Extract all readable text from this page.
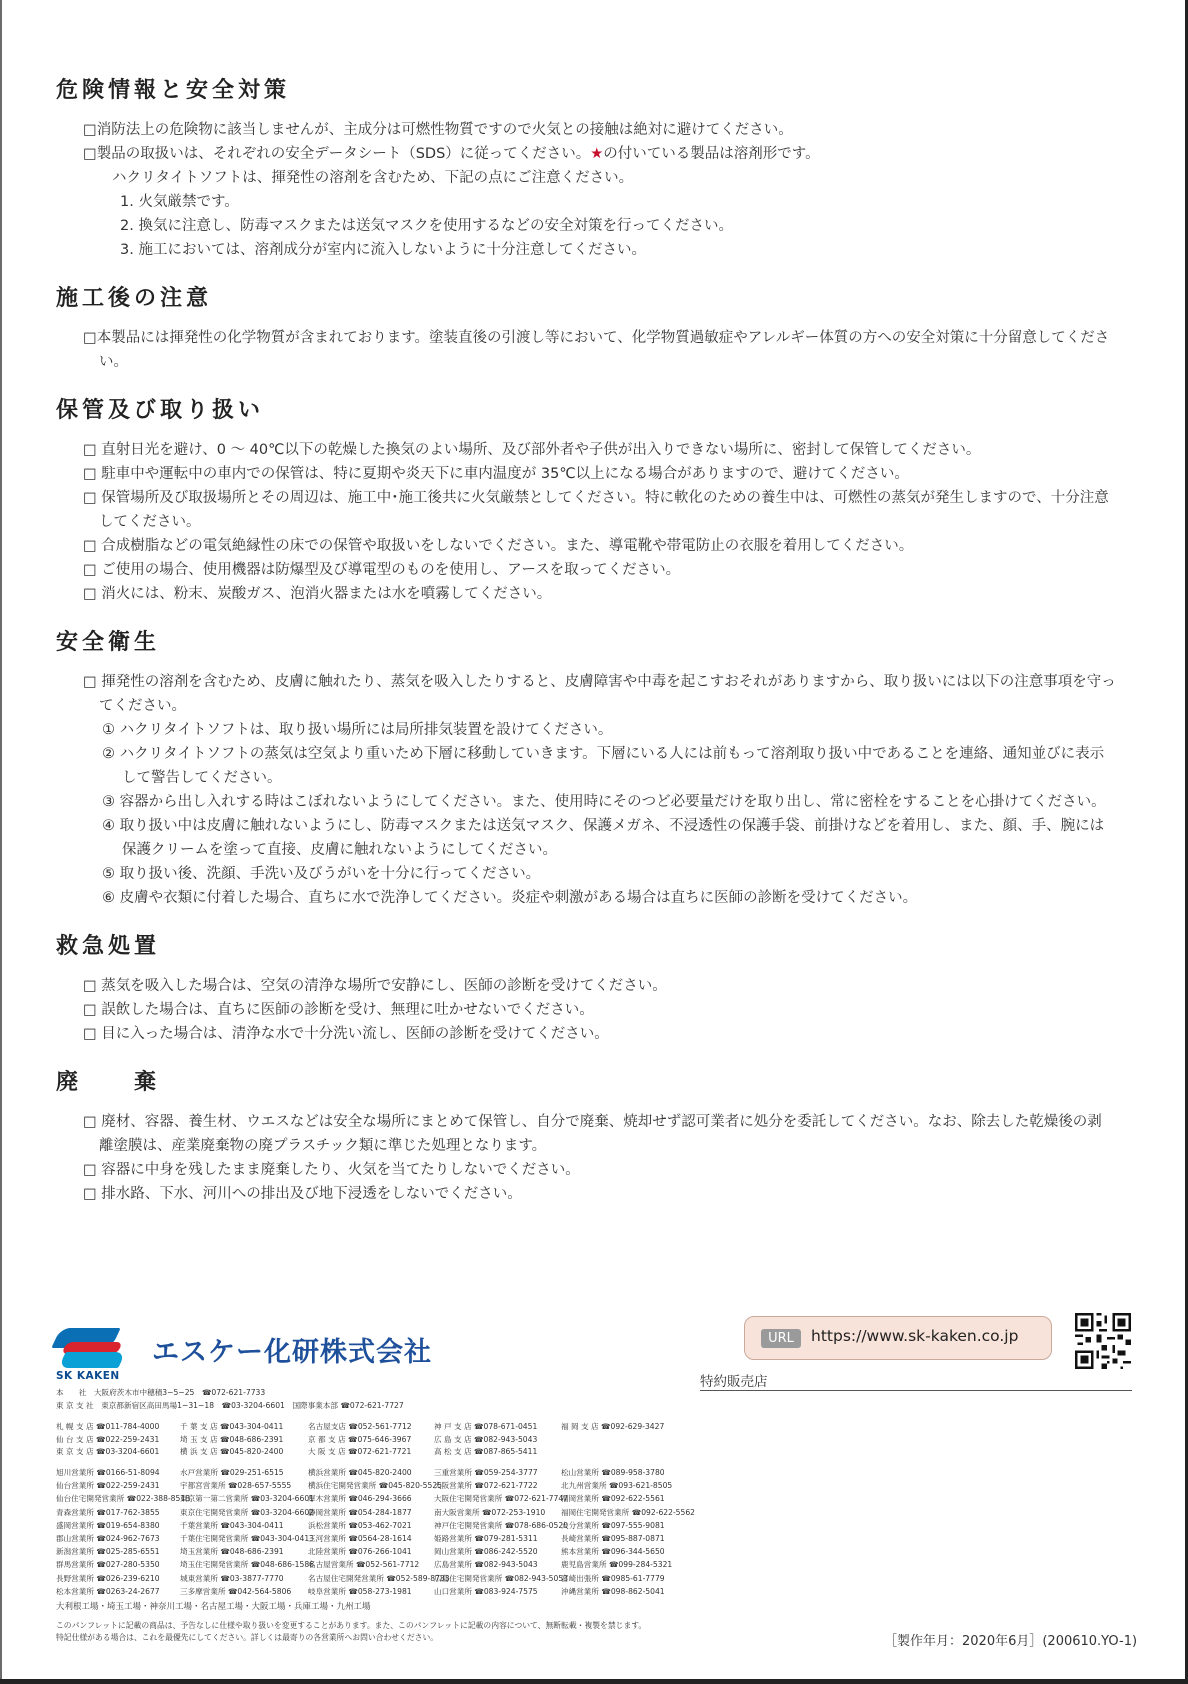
危険情報と安全対策
□消防法上の危険物に該当しませんが、主成分は可燃性物質ですので火気との接触は絶対に避けてください。
□製品の取扱いは、それぞれの安全データシート（SDS）に従ってください。★の付いている製品は溶剤形です。
ハクリタイトソフトは、揮発性の溶剤を含むため、下記の点にご注意ください。
1. 火気厳禁です。
2. 換気に注意し、防毒マスクまたは送気マスクを使用するなどの安全対策を行ってください。
3. 施工においては、溶剤成分が室内に流入しないように十分注意してください。
施工後の注意
□本製品には揮発性の化学物質が含まれております。塗装直後の引渡し等において、化学物質過敏症やアレルギー体質の方への安全対策に十分留意してください。
保管及び取り扱い
□ 直射日光を避け、0 〜 40℃以下の乾燥した換気のよい場所、及び部外者や子供が出入りできない場所に、密封して保管してください。
□ 駐車中や運転中の車内での保管は、特に夏期や炎天下に車内温度が 35℃以上になる場合がありますので、避けてください。
□ 保管場所及び取扱場所とその周辺は、施工中･施工後共に火気厳禁としてください。特に軟化のための養生中は、可燃性の蒸気が発生しますので、十分注意してください。
□ 合成樹脂などの電気絶縁性の床での保管や取扱いをしないでください。また、導電靴や帯電防止の衣服を着用してください。
□ ご使用の場合、使用機器は防爆型及び導電型のものを使用し、アースを取ってください。
□ 消火には、粉末、炭酸ガス、泡消火器または水を噴霧してください。
安全衛生
□ 揮発性の溶剤を含むため、皮膚に触れたり、蒸気を吸入したりすると、皮膚障害や中毒を起こすおそれがありますから、取り扱いには以下の注意事項を守ってください。
① ハクリタイトソフトは、取り扱い場所には局所排気装置を設けてください。
② ハクリタイトソフトの蒸気は空気より重いため下層に移動していきます。下層にいる人には前もって溶剤取り扱い中であることを連絡、通知並びに表示して警告してください。
③ 容器から出し入れする時はこぼれないようにしてください。また、使用時にそのつど必要量だけを取り出し、常に密栓をすることを心掛けてください。
④ 取り扱い中は皮膚に触れないようにし、防毒マスクまたは送気マスク、保護メガネ、不浸透性の保護手袋、前掛けなどを着用し、また、顔、手、腕には保護クリームを塗って直接、皮膚に触れないようにしてください。
⑤ 取り扱い後、洗顔、手洗い及びうがいを十分に行ってください。
⑥ 皮膚や衣類に付着した場合、直ちに水で洗浄してください。炎症や刺激がある場合は直ちに医師の診断を受けてください。
救急処置
□ 蒸気を吸入した場合は、空気の清浄な場所で安静にし、医師の診断を受けてください。
□ 誤飲した場合は、直ちに医師の診断を受け、無理に吐かせないでください。
□ 目に入った場合は、清浄な水で十分洗い流し、医師の診断を受けてください。
廃　　棄
□ 廃材、容器、養生材、ウエスなどは安全な場所にまとめて保管し、自分で廃棄、焼却せず認可業者に処分を委託してください。なお、除去した乾燥後の剥離塗膜は、産業廃棄物の廃プラスチック類に準じた処理となります。
□ 容器に中身を残したまま廃棄したり、火気を当てたりしないでください。
□ 排水路、下水、河川への排出及び地下浸透をしないでください。
SK KAKEN
エスケー化研株式会社	URL	https://www.sk-kaken.co.jp
特約販売店
本　　社　大阪府茨木市中穂積3−5−25　☎072-621-7733
東 京 支 社　東京都新宿区高田馬場1−31−18　☎03-3204-6601　国際事業本部 ☎072-621-7727
札 幌 支 店 ☎011-784-4000
仙 台 支 店 ☎022-259-2431
東 京 支 店 ☎03-3204-6601
千 葉 支 店 ☎043-304-0411
埼 玉 支 店 ☎048-686-2391
横 浜 支 店 ☎045-820-2400
名古屋支店 ☎052-561-7712
京 都 支 店 ☎075-646-3967
大 阪 支 店 ☎072-621-7721
神 戸 支 店 ☎078-671-0451
広 島 支 店 ☎082-943-5043
高 松 支 店 ☎087-865-5411
福 岡 支 店 ☎092-629-3427
旭川営業所 ☎0166-51-8094
仙台営業所 ☎022-259-2431
仙台住宅開発営業所 ☎022-388-8518
青森営業所 ☎017-762-3855
盛岡営業所 ☎019-654-8380
郡山営業所 ☎024-962-7673
新潟営業所 ☎025-285-6551
群馬営業所 ☎027-280-5350
長野営業所 ☎026-239-6210
松本営業所 ☎0263-24-2677
水戸営業所 ☎029-251-6515
宇都宮営業所 ☎028-657-5555
東京第一第二営業所 ☎03-3204-6601
東京住宅開発営業所 ☎03-3204-6602
千葉営業所 ☎043-304-0411
千葉住宅開発営業所 ☎043-304-0413
埼玉営業所 ☎048-686-2391
埼玉住宅開発営業所 ☎048-686-1586
城東営業所 ☎03-3877-7770
三多摩営業所 ☎042-564-5806
横浜営業所 ☎045-820-2400
横浜住宅開発営業所 ☎045-820-5525
厚木営業所 ☎046-294-3666
静岡営業所 ☎054-284-1877
浜松営業所 ☎053-462-7021
三河営業所 ☎0564-28-1614
北陸営業所 ☎076-266-1041
名古屋営業所 ☎052-561-7712
名古屋住宅開発営業所 ☎052-589-8783
岐阜営業所 ☎058-273-1981
三重営業所 ☎059-254-3777
大阪営業所 ☎072-621-7722
大阪住宅開発営業所 ☎072-621-7747
南大阪営業所 ☎072-253-1910
神戸住宅開発営業所 ☎078-686-0520
姫路営業所 ☎079-281-5311
岡山営業所 ☎086-242-5520
広島営業所 ☎082-943-5043
広島住宅開発営業所 ☎082-943-5053
山口営業所 ☎083-924-7575
松山営業所 ☎089-958-3780
北九州営業所 ☎093-621-8505
福岡営業所 ☎092-622-5561
福岡住宅開発営業所 ☎092-622-5562
大分営業所 ☎097-555-9081
長崎営業所 ☎095-887-0871
熊本営業所 ☎096-344-5650
鹿児島営業所 ☎099-284-5321
宮崎出張所 ☎0985-61-7779
沖縄営業所 ☎098-862-5041
大利根工場・埼玉工場・神奈川工場・名古屋工場・大阪工場・兵庫工場・九州工場
このパンフレットに記載の商品は、予告なしに仕様や取り扱いを変更することがあります。また、このパンフレットに記載の内容について、無断転載・複製を禁じます。
特記仕様がある場合は、これを最優先にしてください。詳しくは最寄りの各営業所へお問い合わせください。	［製作年月：2020年6月］(200610.YO-1)
